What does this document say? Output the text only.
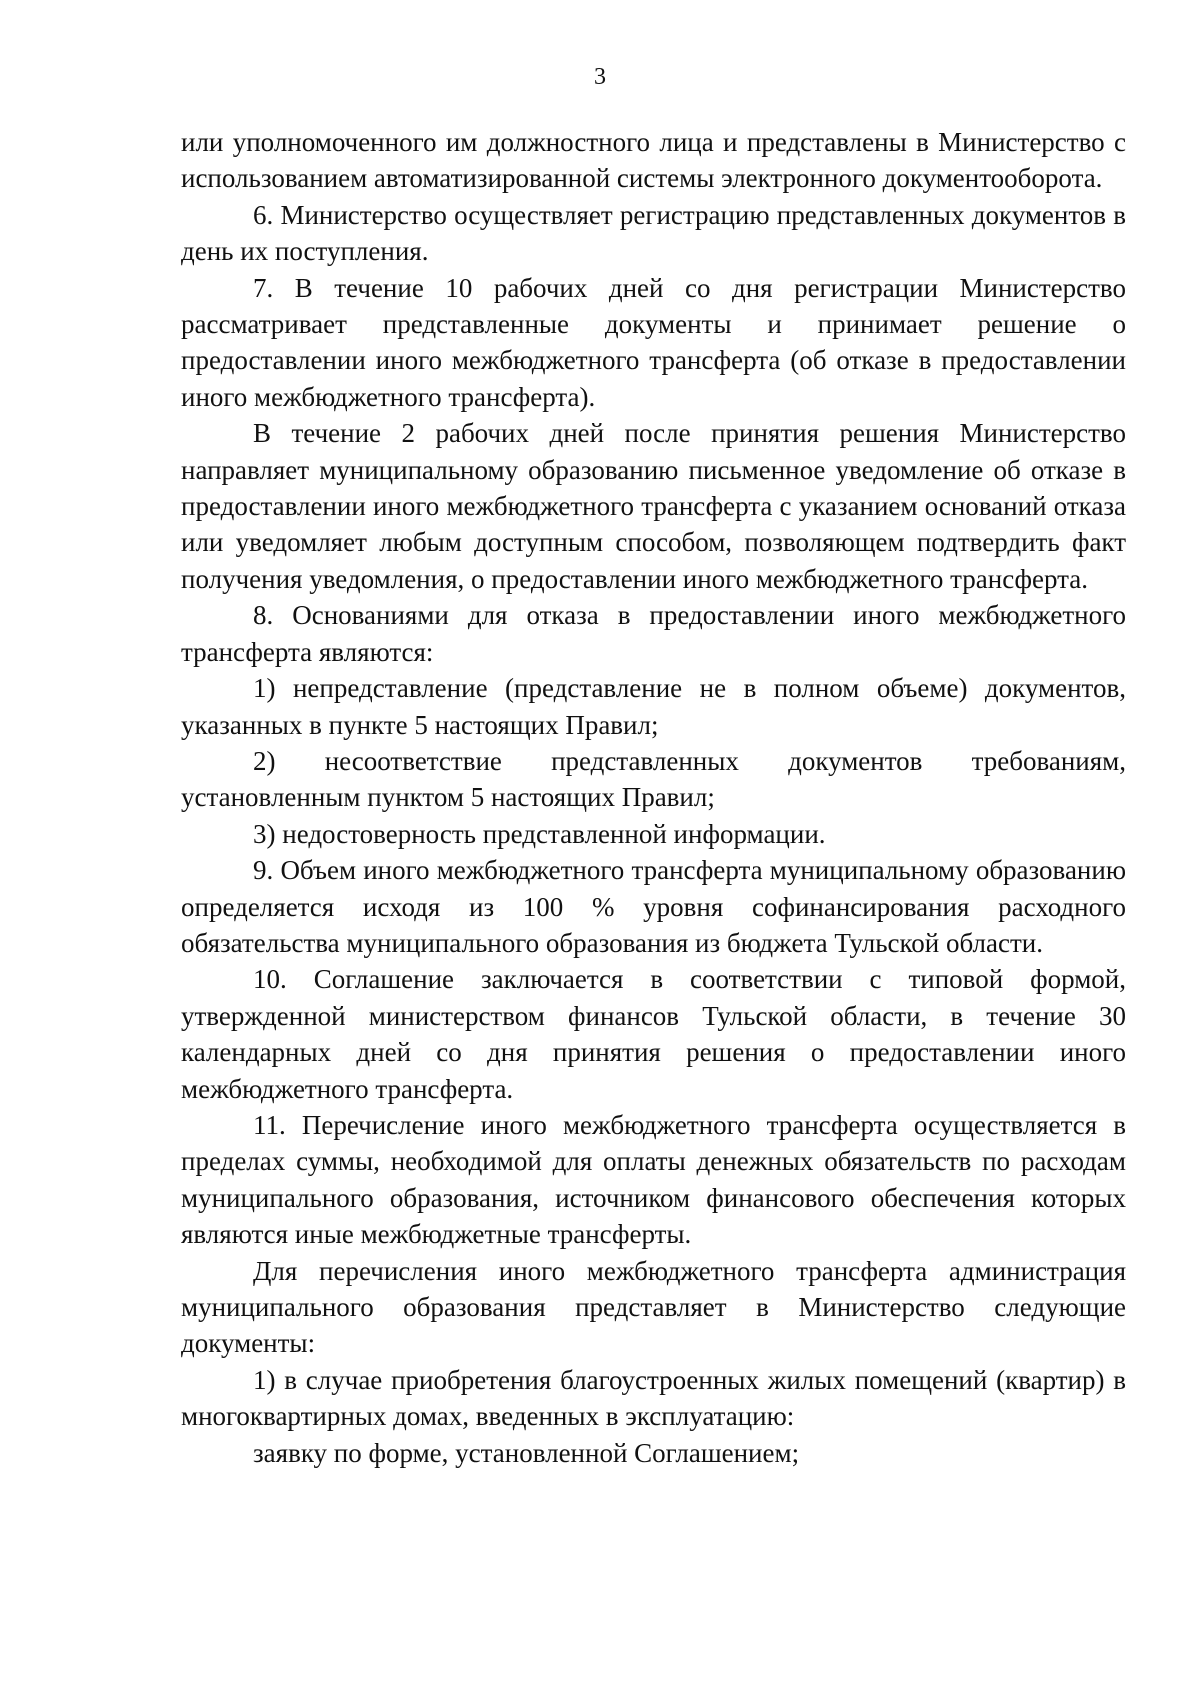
3

или уполномоченного им должностного лица и представлены в Министерство с использованием автоматизированной системы электронного документооборота.

6. Министерство осуществляет регистрацию представленных документов в день их поступления.

7. В течение 10 рабочих дней со дня регистрации Министерство рассматривает представленные документы и принимает решение о предоставлении иного межбюджетного трансферта (об отказе в предоставлении иного межбюджетного трансферта).

В течение 2 рабочих дней после принятия решения Министерство направляет муниципальному образованию письменное уведомление об отказе в предоставлении иного межбюджетного трансферта с указанием оснований отказа или уведомляет любым доступным способом, позволяющем подтвердить факт получения уведомления, о предоставлении иного межбюджетного трансферта.

8. Основаниями для отказа в предоставлении иного межбюджетного трансферта являются:

1) непредставление (представление не в полном объеме) документов, указанных в пункте 5 настоящих Правил;

2) несоответствие представленных документов требованиям, установленным пунктом 5 настоящих Правил;

3) недостоверность представленной информации.

9. Объем иного межбюджетного трансферта муниципальному образованию определяется исходя из 100 % уровня софинансирования расходного обязательства муниципального образования из бюджета Тульской области.

10. Соглашение заключается в соответствии с типовой формой, утвержденной министерством финансов Тульской области, в течение 30 календарных дней со дня принятия решения о предоставлении иного межбюджетного трансферта.

11. Перечисление иного межбюджетного трансферта осуществляется в пределах суммы, необходимой для оплаты денежных обязательств по расходам муниципального образования, источником финансового обеспечения которых являются иные межбюджетные трансферты.

Для перечисления иного межбюджетного трансферта администрация муниципального образования представляет в Министерство следующие документы:

1) в случае приобретения благоустроенных жилых помещений (квартир) в многоквартирных домах, введенных в эксплуатацию:

заявку по форме, установленной Соглашением;
